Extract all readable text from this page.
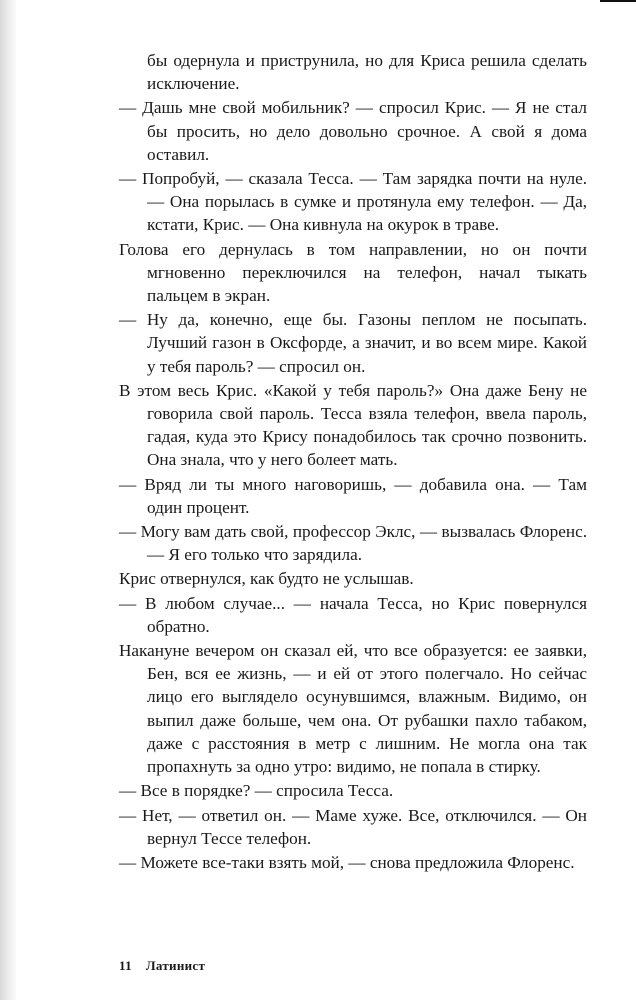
бы одернула и приструнила, но для Криса решила сделать исключение.

— Дашь мне свой мобильник? — спросил Крис. — Я не стал бы просить, но дело довольно срочное. А свой я дома оставил.

— Попробуй, — сказала Тесса. — Там зарядка почти на нуле. — Она порылась в сумке и протянула ему телефон. — Да, кстати, Крис. — Она кивнула на окурок в траве.

Голова его дернулась в том направлении, но он почти мгновенно переключился на телефон, начал тыкать пальцем в экран.

— Ну да, конечно, еще бы. Газоны пеплом не посыпать. Лучший газон в Оксфорде, а значит, и во всем мире. Какой у тебя пароль? — спросил он.

В этом весь Крис. «Какой у тебя пароль?» Она даже Бену не говорила свой пароль. Тесса взяла телефон, ввела пароль, гадая, куда это Крису понадобилось так срочно позвонить. Она знала, что у него болеет мать.

— Вряд ли ты много наговоришь, — добавила она. — Там один процент.

— Могу вам дать свой, профессор Эклс, — вызвалась Флоренс. — Я его только что зарядила.

Крис отвернулся, как будто не услышав.

— В любом случае... — начала Тесса, но Крис повернулся обратно.

Накануне вечером он сказал ей, что все образуется: ее заявки, Бен, вся ее жизнь, — и ей от этого полегчало. Но сейчас лицо его выглядело осунувшимся, влажным. Видимо, он выпил даже больше, чем она. От рубашки пахло табаком, даже с расстояния в метр с лишним. Не могла она так пропахнуть за одно утро: видимо, не попала в стирку.

— Все в порядке? — спросила Тесса.

— Нет, — ответил он. — Маме хуже. Все, отключился. — Он вернул Тессе телефон.

— Можете все-таки взять мой, — снова предложила Флоренс.

11 Латинист
